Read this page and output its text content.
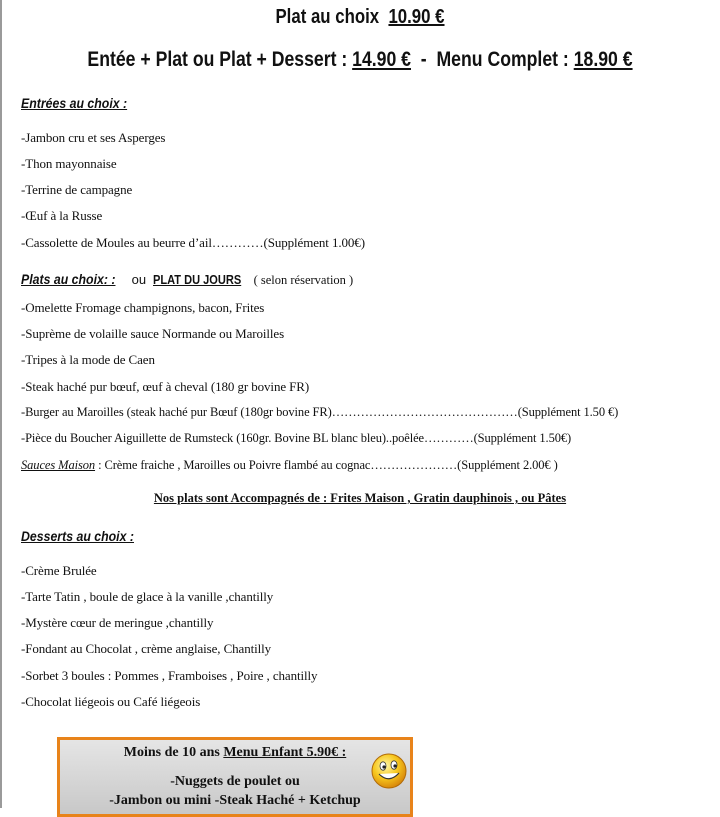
Plat au choix 10.90 €
Entée + Plat ou Plat + Dessert : 14.90 € - Menu Complet : 18.90 €
Entrées au choix :
-Jambon cru et ses Asperges
-Thon mayonnaise
-Terrine de campagne
-Œuf à la Russe
-Cassolette de Moules au beurre d’ail…………(Supplément 1.00€)
Plats au choix: : ou PLAT DU JOURS ( selon réservation )
-Omelette Fromage champignons, bacon, Frites
-Suprème de volaille sauce Normande ou Maroilles
-Tripes à la mode de Caen
-Steak haché pur bœuf, œuf à cheval (180 gr bovine FR)
-Burger au Maroilles (steak haché pur Bœuf (180gr bovine FR)………………………………………(Supplément 1.50 €)
-Pièce du Boucher Aiguillette de Rumsteck (160gr. Bovine BL blanc bleu)..poêlée…………(Supplément 1.50€)
Sauces Maison : Crème fraiche , Maroilles ou Poivre flambé au cognac…………………(Supplément 2.00€ )
Nos plats sont Accompagnés de : Frites Maison , Gratin dauphinois , ou Pâtes
Desserts au choix :
-Crème Brulée
-Tarte Tatin , boule de glace à la vanille ,chantilly
-Mystère cœur de meringue ,chantilly
-Fondant au Chocolat , crème anglaise, Chantilly
-Sorbet 3 boules : Pommes , Framboises , Poire , chantilly
-Chocolat liégeois ou Café liégeois
Moins de 10 ans Menu Enfant 5.90€ :
-Nuggets de poulet ou
-Jambon ou mini -Steak Haché + Ketchup
